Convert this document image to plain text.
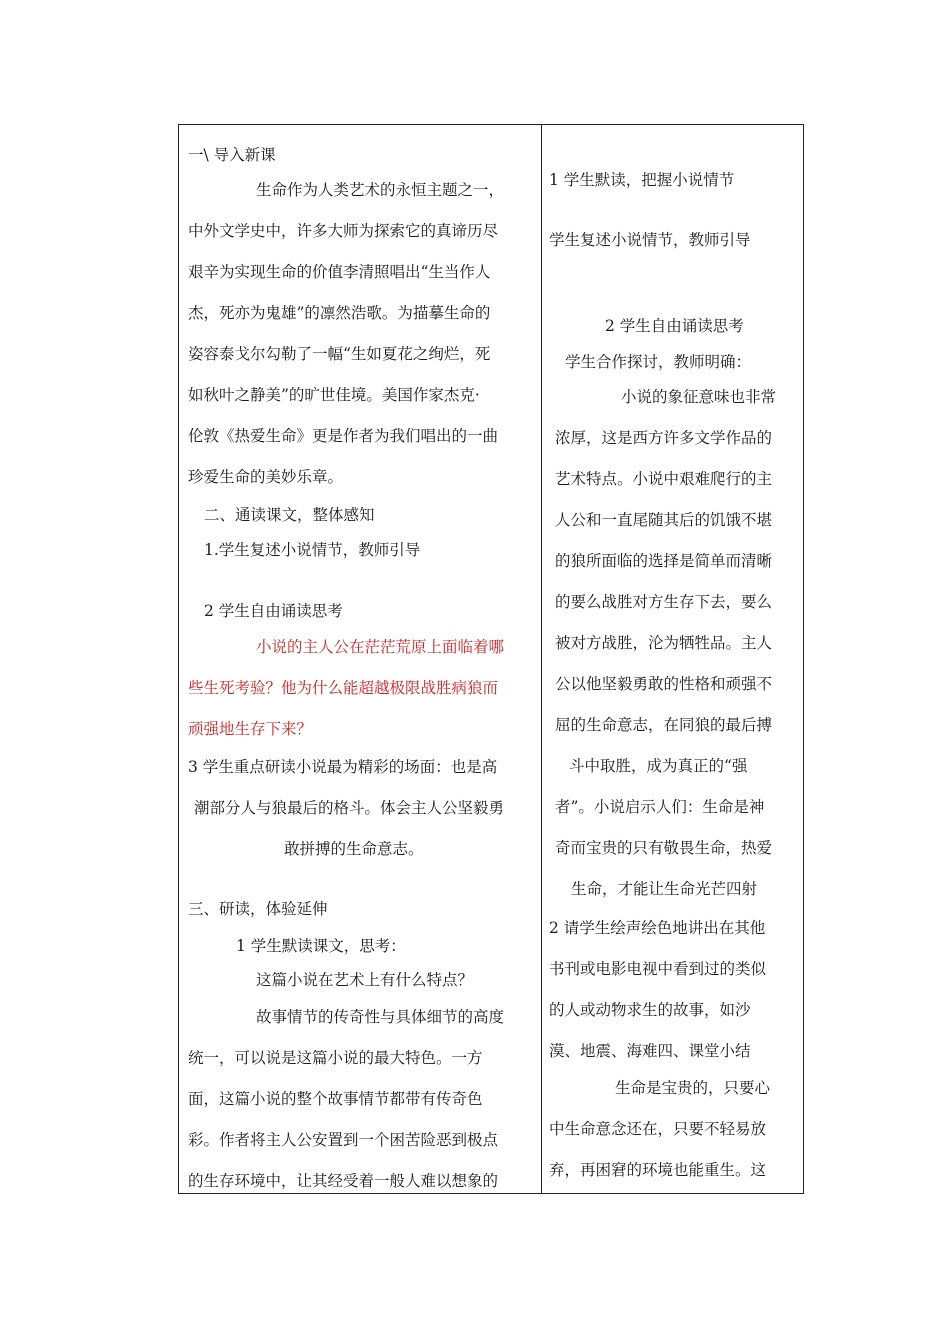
一\ 导入新课
生命作为人类艺术的永恒主题之一，
中外文学史中，许多大师为探索它的真谛历尽
艰辛为实现生命的价值李清照唱出“生当作人
杰，死亦为鬼雄”的凛然浩歌。为描摹生命的
姿容泰戈尔勾勒了一幅“生如夏花之绚烂，死
如秋叶之静美”的旷世佳境。美国作家杰克·
伦敦《热爱生命》更是作者为我们唱出的一曲
珍爱生命的美妙乐章。
二、通读课文，整体感知
1.学生复述小说情节，教师引导
2 学生自由诵读思考
小说的主人公在茫茫荒原上面临着哪
些生死考验？他为什么能超越极限战胜病狼而
顽强地生存下来？
3 学生重点研读小说最为精彩的场面：也是高
潮部分人与狼最后的格斗。体会主人公坚毅勇
敢拼搏的生命意志。
三、研读，体验延伸
1 学生默读课文，思考：
这篇小说在艺术上有什么特点？
故事情节的传奇性与具体细节的高度
统一，可以说是这篇小说的最大特色。一方
面，这篇小说的整个故事情节都带有传奇色
彩。作者将主人公安置到一个困苦险恶到极点
的生存环境中，让其经受着一般人难以想象的
1 学生默读，把握小说情节
学生复述小说情节，教师引导
2 学生自由诵读思考
学生合作探讨，教师明确：
小说的象征意味也非常
浓厚，这是西方许多文学作品的
艺术特点。小说中艰难爬行的主
人公和一直尾随其后的饥饿不堪
的狼所面临的选择是简单而清晰
的要么战胜对方生存下去，要么
被对方战胜，沦为牺牲品。主人
公以他坚毅勇敢的性格和顽强不
屈的生命意志，在同狼的最后搏
斗中取胜，成为真正的“强
者”。小说启示人们：生命是神
奇而宝贵的只有敬畏生命，热爱
生命，才能让生命光芒四射
2 请学生绘声绘色地讲出在其他
书刊或电影电视中看到过的类似
的人或动物求生的故事，如沙
漠、地震、海难四、课堂小结
生命是宝贵的，只要心
中生命意念还在，只要不轻易放
弃，再困窘的环境也能重生。这
